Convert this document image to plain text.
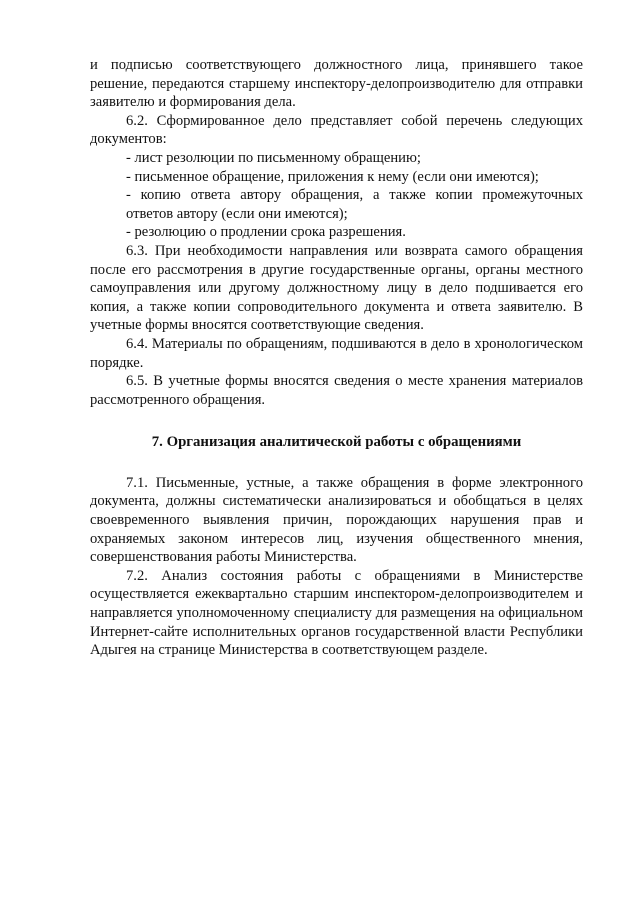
и подписью соответствующего должностного лица, принявшего такое решение, передаются старшему инспектору-делопроизводителю для отправки заявителю и формирования дела.

6.2. Сформированное дело представляет собой перечень следующих документов:

- лист резолюции по письменному обращению;

- письменное обращение, приложения к нему (если они имеются);

- копию ответа автору обращения, а также копии промежуточных ответов автору (если они имеются);

- резолюцию о продлении срока разрешения.

6.3. При необходимости направления или возврата самого обращения после его рассмотрения в другие государственные органы, органы местного самоуправления или другому должностному лицу в дело подшивается его копия, а также копии сопроводительного документа и ответа заявителю. В учетные формы вносятся соответствующие сведения.

6.4. Материалы по обращениям, подшиваются в дело в хронологическом порядке.

6.5. В учетные формы вносятся сведения о месте хранения материалов рассмотренного обращения.

7. Организация аналитической работы с обращениями

7.1. Письменные, устные, а также обращения в форме электронного документа, должны систематически анализироваться и обобщаться в целях своевременного выявления причин, порождающих нарушения прав и охраняемых законом интересов лиц, изучения общественного мнения, совершенствования работы Министерства.

7.2. Анализ состояния работы с обращениями в Министерстве осуществляется ежеквартально старшим инспектором-делопроизводителем и направляется уполномоченному специалисту для размещения на официальном Интернет-сайте исполнительных органов государственной власти Республики Адыгея на странице Министерства в соответствующем разделе.
